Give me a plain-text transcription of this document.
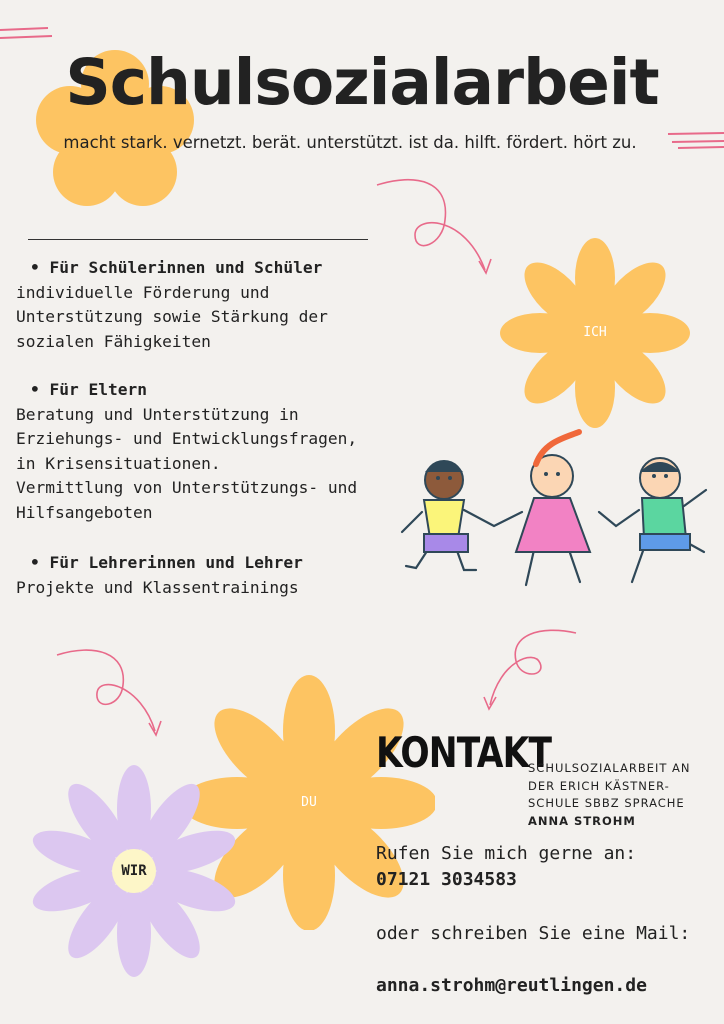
Schulsozialarbeit
macht stark. vernetzt. berät. unterstützt. ist da. hilft. fördert. hört zu.
• Für Schülerinnen und Schüler
individuelle Förderung und
Unterstützung sowie Stärkung der
sozialen Fähigkeiten
• Für Eltern
Beratung und Unterstützung in
Erziehungs- und Entwicklungsfragen,
in Krisensituationen.
Vermittlung von Unterstützungs- und
Hilfsangeboten
• Für Lehrerinnen und Lehrer
Projekte und Klassentrainings
ICH
DU
WIR
KONTAKT
SCHULSOZIALARBEIT AN
DER ERICH KÄSTNER-
SCHULE SBBZ SPRACHE
ANNA STROHM
Rufen Sie mich gerne an:
07121 3034583
oder schreiben Sie eine Mail:
anna.strohm@reutlingen.de
